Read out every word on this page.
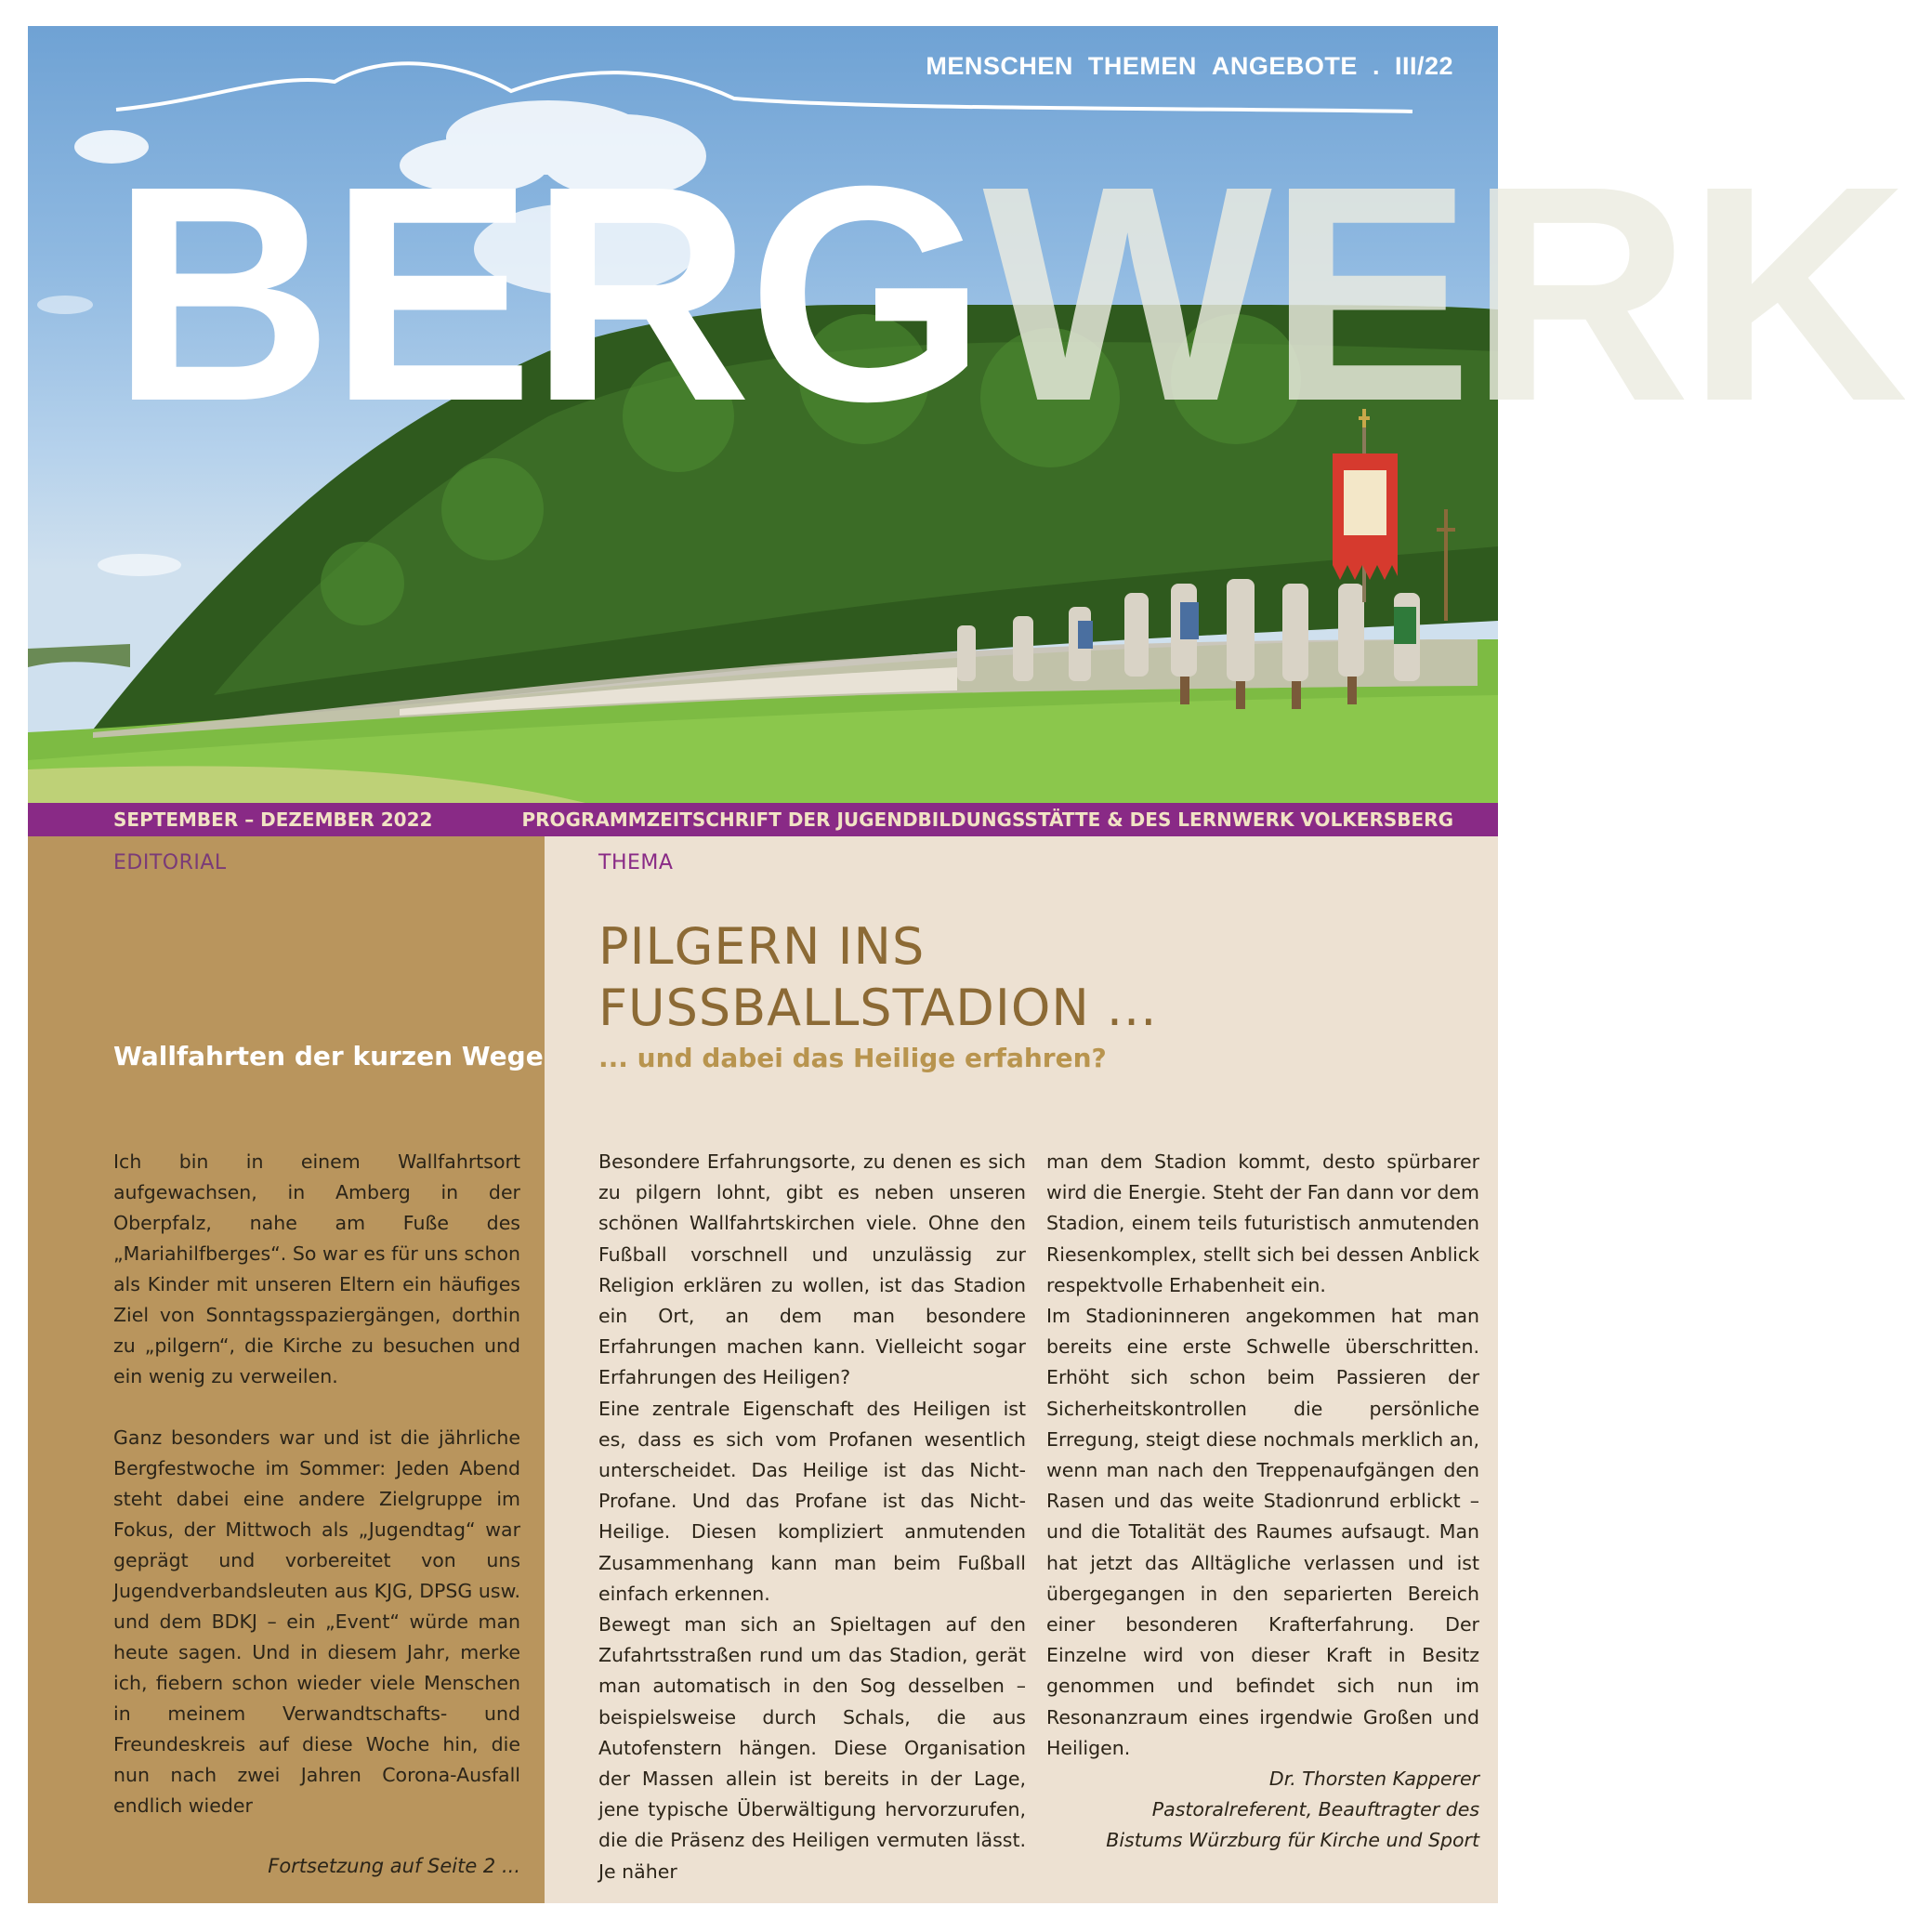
MENSCHEN THEMEN ANGEBOTE . III/22
BERGWERK
SEPTEMBER – DEZEMBER 2022	PROGRAMMZEITSCHRIFT DER JUGENDBILDUNGSSTÄTTE & DES LERNWERK VOLKERSBERG
EDITORIAL
Wallfahrten der kurzen Wege

Ich bin in einem Wallfahrtsort aufgewachsen, in Amberg in der Oberpfalz, nahe am Fuße des „Mariahilfberges“. So war es für uns schon als Kinder mit unseren Eltern ein häufiges Ziel von Sonntagsspaziergängen, dorthin zu „pilgern“, die Kirche zu besuchen und ein wenig zu verweilen.

Ganz besonders war und ist die jährliche Bergfestwoche im Sommer: Jeden Abend steht dabei eine andere Zielgruppe im Fokus, der Mittwoch als „Jugendtag“ war geprägt und vorbereitet von uns Jugendverbandsleuten aus KJG, DPSG usw. und dem BDKJ – ein „Event“ würde man heute sagen. Und in diesem Jahr, merke ich, fiebern schon wieder viele Menschen in meinem Verwandtschafts- und Freundeskreis auf diese Woche hin, die nun nach zwei Jahren Corona-Ausfall endlich wieder

Fortsetzung auf Seite 2 ...
THEMA
PILGERN INS
FUSSBALLSTADION ...
... und dabei das Heilige erfahren?

Besondere Erfahrungsorte, zu denen es sich zu pilgern lohnt, gibt es neben unseren schönen Wallfahrtskirchen viele. Ohne den Fußball vorschnell und unzulässig zur Religion erklären zu wollen, ist das Stadion ein Ort, an dem man besondere Erfahrungen machen kann. Vielleicht sogar Erfahrungen des Heiligen?

Eine zentrale Eigenschaft des Heiligen ist es, dass es sich vom Profanen wesentlich unterscheidet. Das Heilige ist das Nicht-Profane. Und das Profane ist das Nicht-Heilige. Diesen kompliziert anmutenden Zusammenhang kann man beim Fußball einfach erkennen.

Bewegt man sich an Spieltagen auf den Zufahrtsstraßen rund um das Stadion, gerät man automatisch in den Sog desselben – beispielsweise durch Schals, die aus Autofenstern hängen. Diese Organisation der Massen allein ist bereits in der Lage, jene typische Überwältigung hervorzurufen, die die Präsenz des Heiligen vermuten lässt. Je näher

man dem Stadion kommt, desto spürbarer wird die Energie. Steht der Fan dann vor dem Stadion, einem teils futuristisch anmutenden Riesenkomplex, stellt sich bei dessen Anblick respektvolle Erhabenheit ein.

Im Stadioninneren angekommen hat man bereits eine erste Schwelle überschritten. Erhöht sich schon beim Passieren der Sicherheitskontrollen die persönliche Erregung, steigt diese nochmals merklich an, wenn man nach den Treppenaufgängen den Rasen und das weite Stadionrund erblickt – und die Totalität des Raumes aufsaugt. Man hat jetzt das Alltägliche verlassen und ist übergegangen in den separierten Bereich einer besonderen Krafterfahrung. Der Einzelne wird von dieser Kraft in Besitz genommen und befindet sich nun im Resonanzraum eines irgendwie Großen und Heiligen.

Dr. Thorsten Kapperer

Pastoralreferent, Beauftragter des

Bistums Würzburg für Kirche und Sport
